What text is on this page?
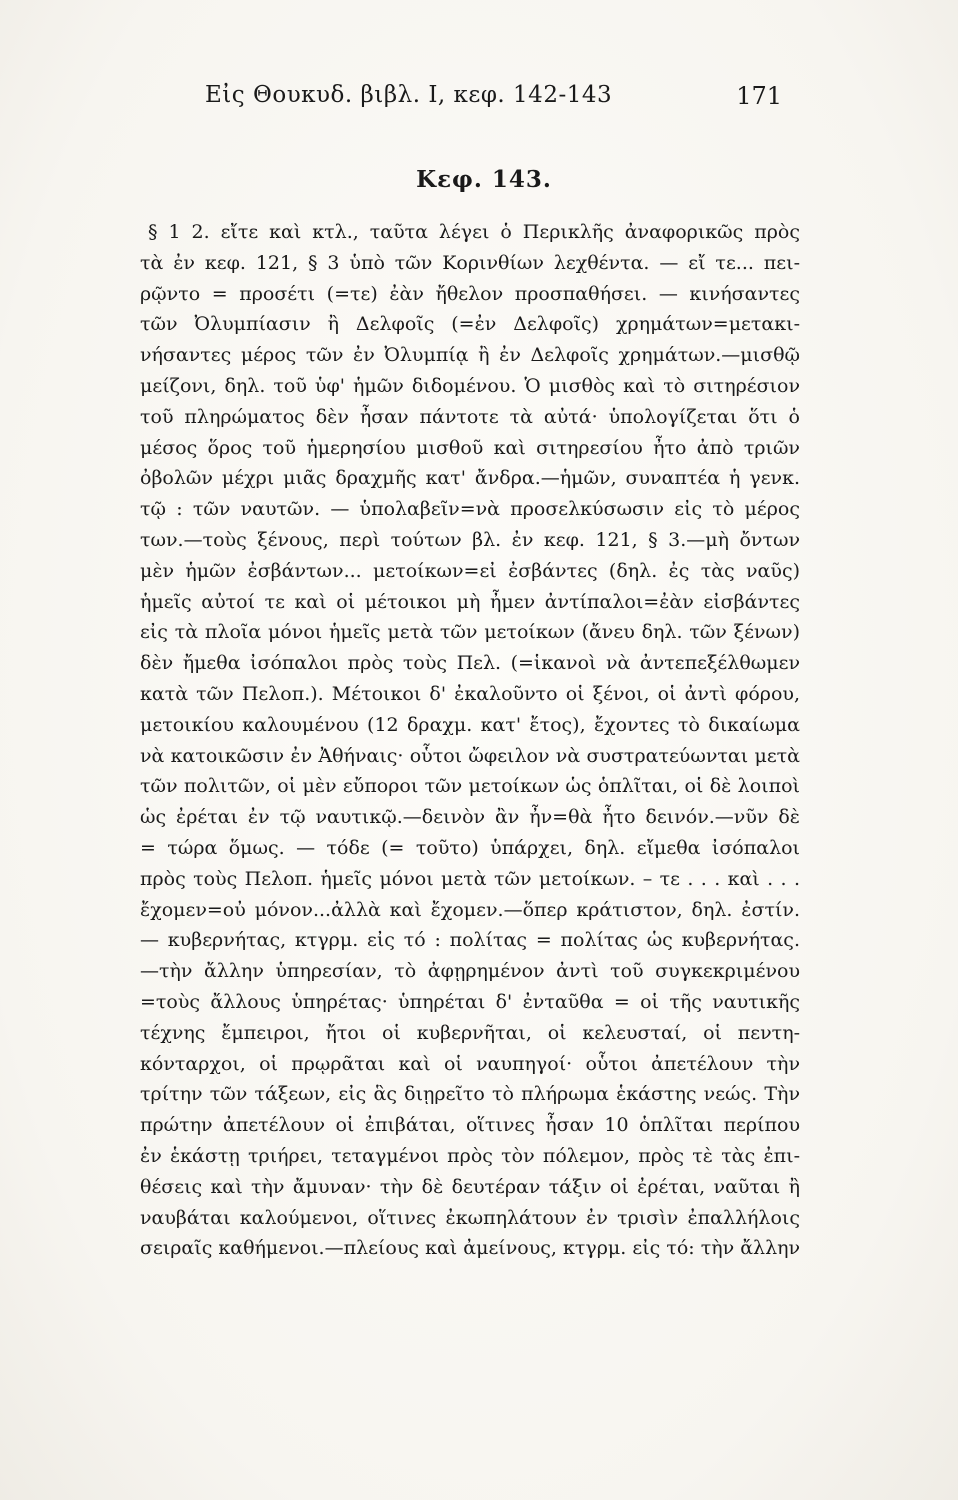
Εἰς Θουκυδ. βιβλ. I, κεφ. 142-143	171
Κεφ. 143.
§ 1 2. εἴτε καὶ κτλ., ταῦτα λέγει ὁ Περικλῆς ἀναφορικῶς πρὸς
τὰ ἐν κεφ. 121, § 3 ὑπὸ τῶν Κορινθίων λεχθέντα. — εἴ τε... πει-
ρῷντο = προσέτι (=τε) ἐὰν ἤθελον προσπαθήσει. — κινήσαντες
τῶν Ὀλυμπίασιν ἢ Δελφοῖς (=ἐν Δελφοῖς) χρημάτων=μετακι-
νήσαντες μέρος τῶν ἐν Ὀλυμπίᾳ ἢ ἐν Δελφοῖς χρημάτων.—μισθῷ
μείζονι, δηλ. τοῦ ὑφ' ἡμῶν διδομένου. Ὁ μισθὸς καὶ τὸ σιτηρέσιον
τοῦ πληρώματος δὲν ἦσαν πάντοτε τὰ αὐτά· ὑπολογίζεται ὅτι ὁ
μέσος ὅρος τοῦ ἡμερησίου μισθοῦ καὶ σιτηρεσίου ἦτο ἀπὸ τριῶν
ὀβολῶν μέχρι μιᾶς δραχμῆς κατ' ἄνδρα.—ἡμῶν, συναπτέα ἡ γενκ.
τῷ : τῶν ναυτῶν. — ὑπολαβεῖν=νὰ προσελκύσωσιν εἰς τὸ μέρος
των.—τοὺς ξένους, περὶ τούτων βλ. ἐν κεφ. 121, § 3.—μὴ ὄντων
μὲν ἡμῶν ἐσβάντων... μετοίκων=εἰ ἐσβάντες (δηλ. ἐς τὰς ναῦς)
ἡμεῖς αὐτοί τε καὶ οἱ μέτοικοι μὴ ἦμεν ἀντίπαλοι=ἐὰν εἰσβάντες
εἰς τὰ πλοῖα μόνοι ἡμεῖς μετὰ τῶν μετοίκων (ἄνευ δηλ. τῶν ξένων)
δὲν ἤμεθα ἰσόπαλοι πρὸς τοὺς Πελ. (=ἱκανοὶ νὰ ἀντεπεξέλθωμεν
κατὰ τῶν Πελοπ.). Μέτοικοι δ' ἐκαλοῦντο οἱ ξένοι, οἱ ἀντὶ φόρου,
μετοικίου καλουμένου (12 δραχμ. κατ' ἔτος), ἔχοντες τὸ δικαίωμα
νὰ κατοικῶσιν ἐν Ἀθήναις· οὗτοι ὤφειλον νὰ συστρατεύωνται μετὰ
τῶν πολιτῶν, οἱ μὲν εὔποροι τῶν μετοίκων ὡς ὁπλῖται, οἱ δὲ λοιποὶ
ὡς ἐρέται ἐν τῷ ναυτικῷ.—δεινὸν ἂν ἦν=θὰ ἦτο δεινόν.—νῦν δὲ
= τώρα ὅμως. — τόδε (= τοῦτο) ὑπάρχει, δηλ. εἴμεθα ἰσόπαλοι
πρὸς τοὺς Πελοπ. ἡμεῖς μόνοι μετὰ τῶν μετοίκων. – τε . . . καὶ . . .
ἔχομεν=οὐ μόνον...ἀλλὰ καὶ ἔχομεν.—ὅπερ κράτιστον, δηλ. ἐστίν.
— κυβερνήτας, κτγρμ. εἰς τό : πολίτας = πολίτας ὡς κυβερνήτας.
—τὴν ἄλλην ὑπηρεσίαν, τὸ ἀφῃρημένον ἀντὶ τοῦ συγκεκριμένου
=τοὺς ἄλλους ὑπηρέτας· ὑπηρέται δ' ἐνταῦθα = οἱ τῆς ναυτικῆς
τέχνης ἔμπειροι, ἤτοι οἱ κυβερνῆται, οἱ κελευσταί, οἱ πεντη-
κόνταρχοι, οἱ πρῳρᾶται καὶ οἱ ναυπηγοί· οὗτοι ἀπετέλουν τὴν
τρίτην τῶν τάξεων, εἰς ἃς διῃρεῖτο τὸ πλήρωμα ἑκάστης νεώς. Τὴν
πρώτην ἀπετέλουν οἱ ἐπιβάται, οἵτινες ἦσαν 10 ὁπλῖται περίπου
ἐν ἑκάστῃ τριήρει, τεταγμένοι πρὸς τὸν πόλεμον, πρὸς τὲ τὰς ἐπι-
θέσεις καὶ τὴν ἄμυναν· τὴν δὲ δευτέραν τάξιν οἱ ἐρέται, ναῦται ἢ
ναυβάται καλούμενοι, οἵτινες ἐκωπηλάτουν ἐν τρισὶν ἐπαλλήλοις
σειραῖς καθήμενοι.—πλείους καὶ ἀμείνους, κτγρμ. εἰς τό: τὴν ἄλλην
